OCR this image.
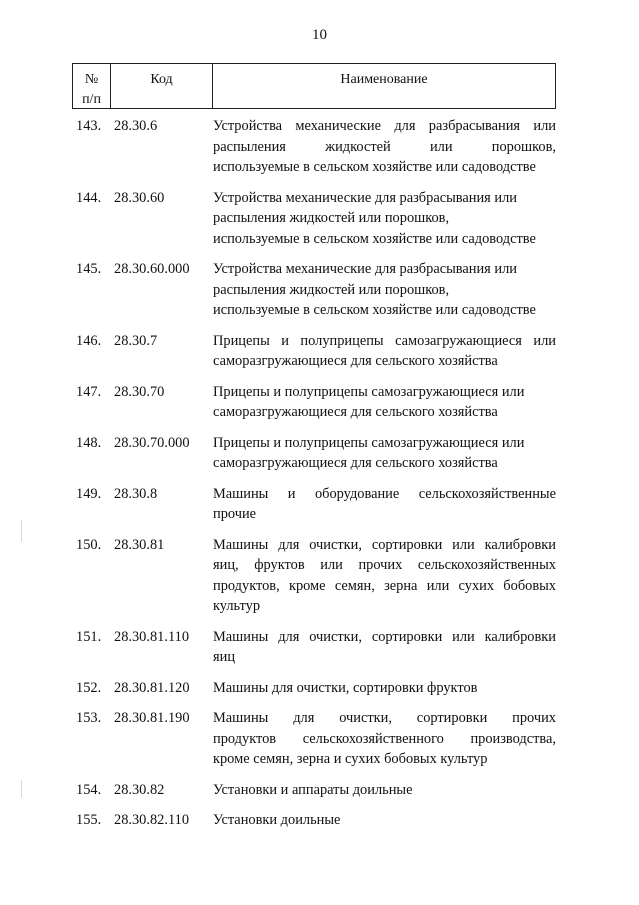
10
№
п/п
Код	Наименование
143. 28.30.6	Устройства механические для разбрасывания или
распыления жидкостей или порошков,
используемые в сельском хозяйстве или садоводстве
144. 28.30.60	Устройства механические для разбрасывания или
распыления жидкостей или порошков,
используемые в сельском хозяйстве или садоводстве
145. 28.30.60.000	Устройства механические для разбрасывания или
распыления жидкостей или порошков,
используемые в сельском хозяйстве или садоводстве
146. 28.30.7	Прицепы и полуприцепы самозагружающиеся или
саморазгружающиеся для сельского хозяйства
147. 28.30.70	Прицепы и полуприцепы самозагружающиеся или
саморазгружающиеся для сельского хозяйства
148. 28.30.70.000	Прицепы и полуприцепы самозагружающиеся или
саморазгружающиеся для сельского хозяйства
149. 28.30.8	Машины и оборудование сельскохозяйственные
прочие
150. 28.30.81	Машины для очистки, сортировки или калибровки
яиц, фруктов или прочих сельскохозяйственных
продуктов, кроме семян, зерна или сухих бобовых
культур
151. 28.30.81.110	Машины для очистки, сортировки или калибровки
яиц
152. 28.30.81.120	Машины для очистки, сортировки фруктов
153. 28.30.81.190	Машины для очистки, сортировки прочих
продуктов сельскохозяйственного производства,
кроме семян, зерна и сухих бобовых культур
154. 28.30.82	Установки и аппараты доильные
155. 28.30.82.110	Установки доильные
